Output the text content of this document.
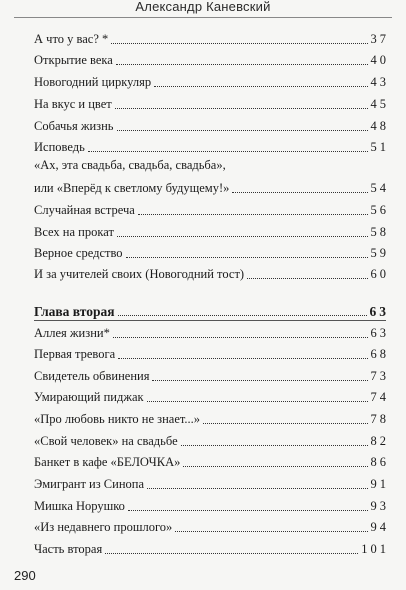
Александр Каневский
А что у вас? *	37
Открытие века	40
Новогодний циркуляр	43
На вкус и цвет	45
Собачья жизнь	48
Исповедь	51
«Ах, эта свадьба, свадьба, свадьба»,
или «Вперёд к светлому будущему!»	54
Случайная встреча	56
Всех на прокат	58
Верное средство	59
И за учителей своих (Новогодний тост)	60
Глава вторая	63
Аллея жизни*	63
Первая тревога	68
Свидетель обвинения	73
Умирающий пиджак	74
«Про любовь никто не знает...»	78
«Свой человек» на свадьбе	82
Банкет в кафе «БЕЛОЧКА»	86
Эмигрант из Синопа	91
Мишка Норушко	93
«Из недавнего прошлого»	94
Часть вторая	101
290
